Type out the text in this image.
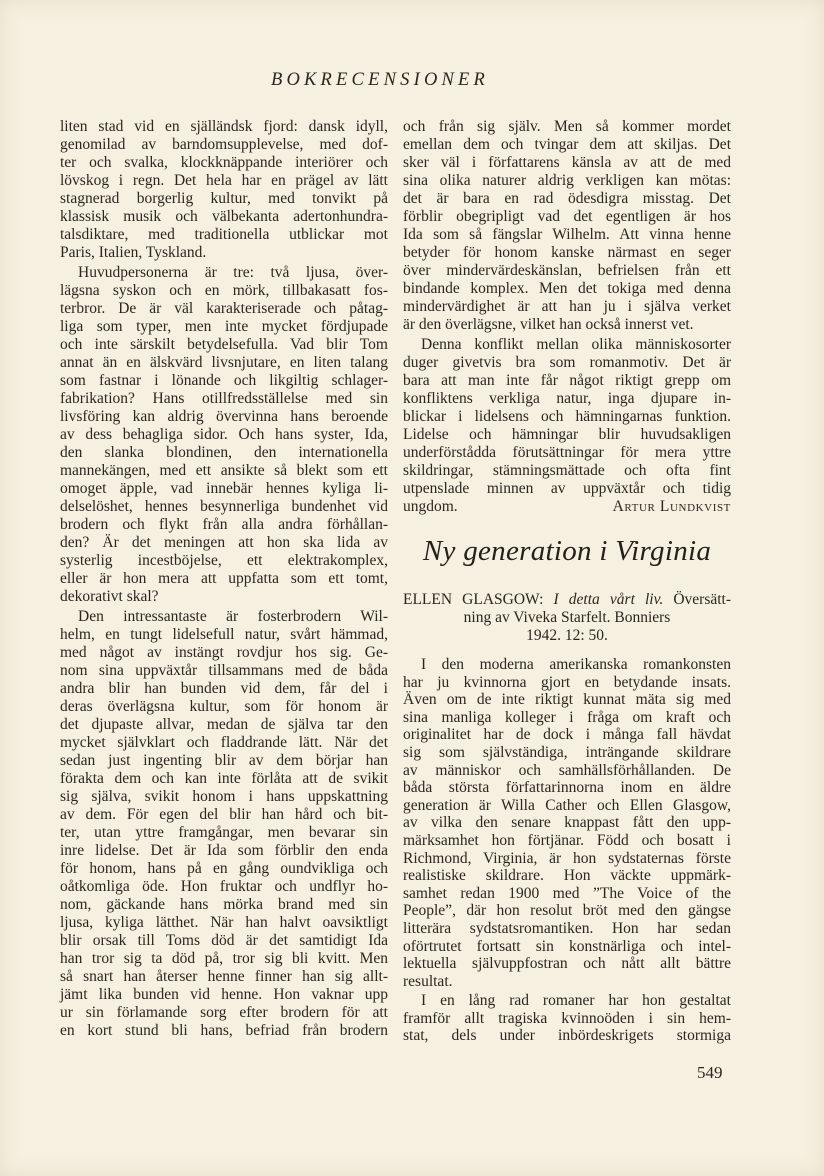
BOKRECENSIONER
liten stad vid en själländsk fjord: dansk idyll,
genomilad av barndomsupplevelse, med dof-
ter och svalka, klockknäppande interiörer och
lövskog i regn. Det hela har en prägel av lätt
stagnerad borgerlig kultur, med tonvikt på
klassisk musik och välbekanta adertonhundra-
talsdiktare, med traditionella utblickar mot
Paris, Italien, Tyskland.
Huvudpersonerna är tre: två ljusa, över-
lägsna syskon och en mörk, tillbakasatt fos-
terbror. De är väl karakteriserade och påtag-
liga som typer, men inte mycket fördjupade
och inte särskilt betydelsefulla. Vad blir Tom
annat än en älskvärd livsnjutare, en liten talang
som fastnar i lönande och likgiltig schlager-
fabrikation? Hans otillfredsställelse med sin
livsföring kan aldrig övervinna hans beroende
av dess behagliga sidor. Och hans syster, Ida,
den slanka blondinen, den internationella
mannekängen, med ett ansikte så blekt som ett
omoget äpple, vad innebär hennes kyliga li-
delselöshet, hennes besynnerliga bundenhet vid
brodern och flykt från alla andra förhållan-
den? Är det meningen att hon ska lida av
systerlig incestböjelse, ett elektrakomplex,
eller är hon mera att uppfatta som ett tomt,
dekorativt skal?
Den intressantaste är fosterbrodern Wil-
helm, en tungt lidelsefull natur, svårt hämmad,
med något av instängt rovdjur hos sig. Ge-
nom sina uppväxtår tillsammans med de båda
andra blir han bunden vid dem, får del i
deras överlägsna kultur, som för honom är
det djupaste allvar, medan de själva tar den
mycket självklart och fladdrande lätt. När det
sedan just ingenting blir av dem börjar han
förakta dem och kan inte förlåta att de svikit
sig själva, svikit honom i hans uppskattning
av dem. För egen del blir han hård och bit-
ter, utan yttre framgångar, men bevarar sin
inre lidelse. Det är Ida som förblir den enda
för honom, hans på en gång oundvikliga och
oåtkomliga öde. Hon fruktar och undflyr ho-
nom, gäckande hans mörka brand med sin
ljusa, kyliga lätthet. När han halvt oavsiktligt
blir orsak till Toms död är det samtidigt Ida
han tror sig ta död på, tror sig bli kvitt. Men
så snart han återser henne finner han sig allt-
jämt lika bunden vid henne. Hon vaknar upp
ur sin förlamande sorg efter brodern för att
en kort stund bli hans, befriad från brodern
och från sig själv. Men så kommer mordet
emellan dem och tvingar dem att skiljas. Det
sker väl i författarens känsla av att de med
sina olika naturer aldrig verkligen kan mötas:
det är bara en rad ödesdigra misstag. Det
förblir obegripligt vad det egentligen är hos
Ida som så fängslar Wilhelm. Att vinna henne
betyder för honom kanske närmast en seger
över mindervärdeskänslan, befrielsen från ett
bindande komplex. Men det tokiga med denna
mindervärdighet är att han ju i själva verket
är den överlägsne, vilket han också innerst vet.
Denna konflikt mellan olika människosorter
duger givetvis bra som romanmotiv. Det är
bara att man inte får något riktigt grepp om
konfliktens verkliga natur, inga djupare in-
blickar i lidelsens och hämningarnas funktion.
Lidelse och hämningar blir huvudsakligen
underförstådda förutsättningar för mera yttre
skildringar, stämningsmättade och ofta fint
utpenslade minnen av uppväxtår och tidig
ungdom.	Artur Lundkvist
Ny generation i Virginia
ELLEN GLASGOW: I detta vårt liv. Översätt-
ning av Viveka Starfelt. Bonniers
1942. 12: 50.
I den moderna amerikanska romankonsten
har ju kvinnorna gjort en betydande insats.
Även om de inte riktigt kunnat mäta sig med
sina manliga kolleger i fråga om kraft och
originalitet har de dock i många fall hävdat
sig som självständiga, inträngande skildrare
av människor och samhällsförhållanden. De
båda största författarinnorna inom en äldre
generation är Willa Cather och Ellen Glasgow,
av vilka den senare knappast fått den upp-
märksamhet hon förtjänar. Född och bosatt i
Richmond, Virginia, är hon sydstaternas förste
realistiske skildrare. Hon väckte uppmärk-
samhet redan 1900 med ”The Voice of the
People”, där hon resolut bröt med den gängse
litterära sydstatsromantiken. Hon har sedan
oförtrutet fortsatt sin konstnärliga och intel-
lektuella självuppfostran och nått allt bättre
resultat.
I en lång rad romaner har hon gestaltat
framför allt tragiska kvinnoöden i sin hem-
stat, dels under inbördeskrigets stormiga
549
